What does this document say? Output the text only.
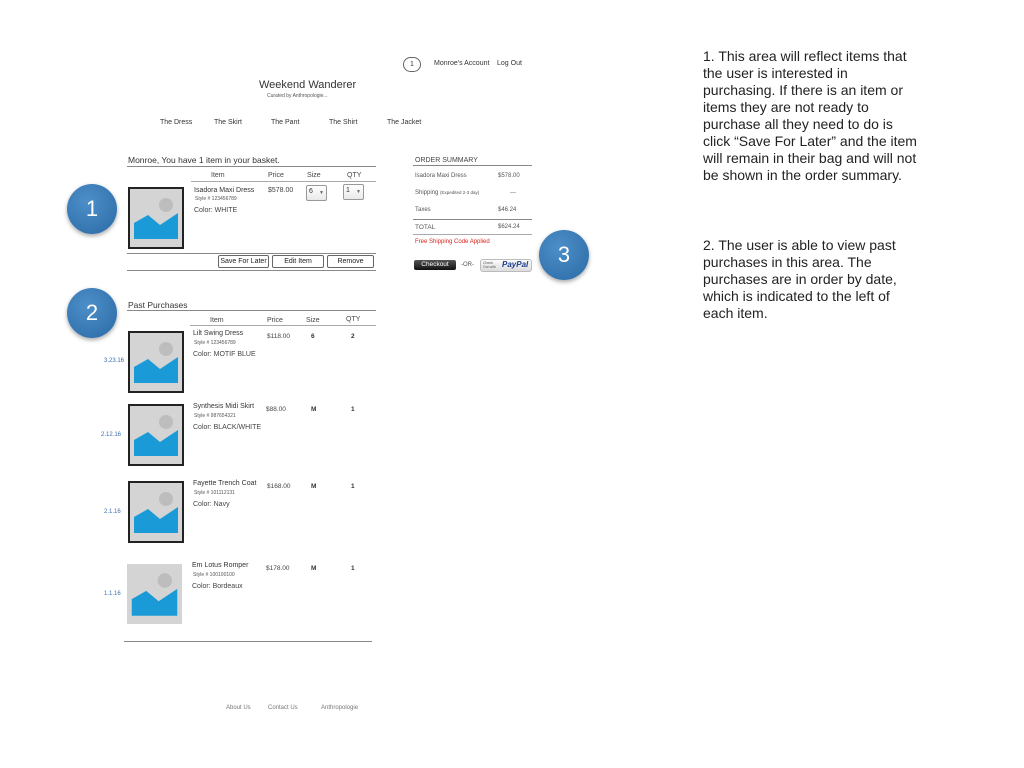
1	Monroe's Account Log Out
Weekend Wanderer
Curated by Anthropologie...
The Dress	The Skirt	The Pant	The Shirt	The Jacket
Monroe, You have 1 item in your basket.
Item	Price	Size	QTY
Isadora Maxi Dress
Style # 123456789
Color: WHITE
$578.00 6 ▼	1 ▼
Save For Later	Edit Item	Remove
ORDER SUMMARY
Isadora Maxi Dress	$578.00
Shipping (Expedited 2-3 day)	---
Taxes	$46.24
TOTAL	$624.24
Free Shipping Code Applied
Checkout	-OR-	Check Out with PayPal
1
2
3
Past Purchases
Item	Price	Size	QTY
3.23.16
Lilt Swing Dress
Style # 123456789
Color: MOTIF BLUE
$118.00	6	2
2.12.16
Synthesis Midi Skirt
Style # 987654321
Color: BLACK/WHITE
$88.00	M	1
2.1.16
Fayette Trench Coat
Style # 101112131
Color: Navy
$168.00	M	1
1.1.16
Em Lotus Romper
Style # 100100100
Color: Bordeaux
$178.00	M	1
About Us	Contact Us	Anthropologie
1. This area will reflect items that the user is interested in purchasing. If there is an item or items they are not ready to purchase all they need to do is click “Save For Later” and the item will remain in their bag and will not be shown in the order summary.
2. The user is able to view past purchases in this area. The purchases are in order by date, which is indicated to the left of each item.
